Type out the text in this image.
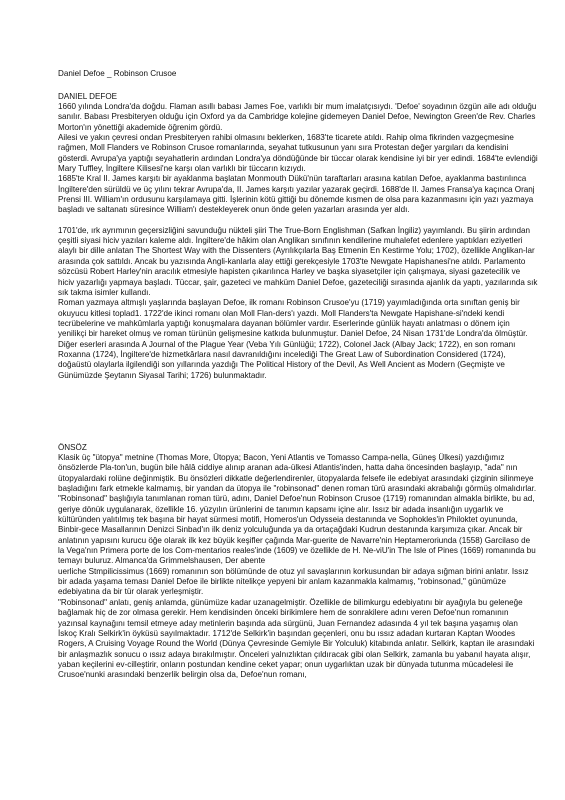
Daniel Defoe _ Robinson Crusoe
DANIEL DEFOE

1660 yılında Londra'da doğdu. Flaman asıllı babası James Foe, varlıklı bir mum imalatçısıydı. 'Defoe' soyadının özgün aile adı olduğu sanılır. Babası Presbiteryen olduğu için Oxford ya da Cambridge kolejine gidemeyen Daniel Defoe, Newington Green'de Rev. Charles Morton'ın yönettiği akademide öğrenim gördü.

Ailesi ve yakın çevresi ondan Presbiteryen rahibi olmasını beklerken, 1683'te ticarete atıldı. Rahip olma fikrinden vazgeçmesine rağmen, Moll Flanders ve Robinson Crusoe romanlarında, seyahat tutkusunun yanı sıra Protestan değer yargıları da kendisini gösterdi. Avrupa'ya yaptığı seyahatlerin ardından Londra'ya döndüğünde bir tüccar olarak kendisine iyi bir yer edindi. 1684'te evlendiği Mary Tuffley, İngiltere Kilisesi'ne karşı olan varlıklı bir tüccarın kızıydı.

1685'te Kral II. James karşıtı bir ayaklanma başlatan Monmouth Dükü'nün taraftarları arasına katılan Defoe, ayaklanma bastırılınca İngiltere'den sürüldü ve üç yılını tekrar Avrupa'da, II. James karşıtı yazılar yazarak geçirdi. 1688'de II. James Fransa'ya kaçınca Oranj Prensi III. William'ın ordusunu karşılamaya gitti. İşlerinin kötü gittiği bu dönemde kısmen de olsa para kazanmasını için yazı yazmaya başladı ve saltanatı süresince William'ı destekleyerek onun önde gelen yazarları arasında yer aldı.

1701'de, ırk ayrımının geçersizliğini savunduğu nükteli şiiri The True-Born Englishman (Safkan İngiliz) yayımlandı. Bu şiirin ardından çeşitli siyasi hiciv yazıları kaleme aldı. İngiltere'de hâkim olan Anglikan sınıfının kendilerine muhalefet edenlere yaptıkları eziyetleri alaylı bir dille anlatan The Shortest Way with the Dissenters (Ayrılıkçılarla Baş Etmenin En Kestirme Yolu; 1702), özellikle Anglikan-lar arasında çok sattıldı. Ancak bu yazısında Angli-kanlarla alay ettiği gerekçesiyle 1703'te Newgate Hapishanesi'ne atıldı. Parlamento sözcüsü Robert Harley'nin aracılık etmesiyle hapisten çıkarılınca Harley ve başka siyasetçiler için çalışmaya, siyasi gazetecilik ve hiciv yazarlığı yapmaya başladı. Tüccar, şair, gazeteci ve mahküm Daniel Defoe, gazeteciliği sırasında ajanlık da yaptı, yazılarında sık sık takma isimler kullandı.

Roman yazmaya altmışlı yaşlarında başlayan Defoe, ilk romanı Robinson Crusoe'yu (1719) yayımladığında orta sınıftan geniş bir okuyucu kitlesi toplad1. 1722'de ikinci romanı olan Moll Flan-ders'ı yazdı. Moll Flanders'ta Newgate Hapishane-si'ndeki kendi tecrübelerine ve mahkûmlarla yaptığı konuşmalara dayanan bölümler vardır. Eserlerinde günlük hayatı anlatması o dönem için yenilikçi bir hareket olmuş ve roman türünün gelişmesine katkıda bulunmuştur. Daniel Defoe, 24 Nisan 1731'de Londra'da ölmüştür.

Diğer eserleri arasında A Journal of the Plague Year (Veba Yılı Günlüğü; 1722), Colonel Jack (Albay Jack; 1722), en son romanı Roxanna (1724), İngiltere'de hizmetkârlara nasıl davranıldığını incelediği The Great Law of Subordination Considered (1724), doğaüstü olaylarla ilgilendiği son yıllarında yazdığı The Political History of the Devil, As Well Ancient as Modern (Geçmişte ve Günümüzde Şeytanın Siyasal Tarihi; 1726) bulunmaktadır.

ÖNSÖZ

Klasik üç "ütopya" metnine (Thomas More, Ütopya; Bacon, Yeni Atlantis ve Tomasso Campa-nella, Güneş Ülkesi) yazdığımız önsözlerde Pla-ton'un, bugün bile hâlâ ciddiye alınıp aranan ada-ülkesi Atlantis'inden, hatta daha öncesinden başlayıp, "ada" nın ütopyalardaki rolüne değinmiştik. Bu önsözleri dikkatle değerlendirenler, ütopyalarda felsefe ile edebiyat arasındaki çizginin silinmeye başladığını fark etmekle kalmamış, bir yandan da ütopya ile "robinsonad" denen roman türü arasındaki akrabalığı görmüş olmalıdırlar.

"Robinsonad" başlığıyla tanımlanan roman türü, adını, Daniel Defoe'nun Robinson Crusoe (1719) romanından almakla birlikte, bu ad, geriye dönük uygulanarak, özellikle 16. yüzyılın ürünlerini de tanımın kapsamı içine alır. Issız bir adada insanlığın uygarlık ve kültüründen yalıtılmış tek başına bir hayat sürmesi motifi, Homeros'un Odysseia destanında ve Sophokles'in Philoktet oyununda, Binbir-gece Masallarının Denizci Sinbad'ın ilk deniz yolculuğunda ya da ortaçağdaki Kudrun destanında karşımıza çıkar. Ancak bir anlatının yapısını kurucu öğe olarak ilk kez büyük keşifler çağında Mar-guerite de Navarre'nin Heptameroriunda (1558) Garcilaso de la Vega'nın Primera porte de los Com-mentarios reales'inde (1609) ve özellikle de H. Ne-viU'in The Isle of Pines (1669) romanında bu temayı buluruz. Almanca'da Grimmelshausen, Der abente

uerliche Stmpilicissimus (1669) romanının son bölümünde de otuz yıl savaşlarının korkusundan bir adaya sığman birini anlatır. Issız bir adada yaşama teması Daniel Defoe ile birlikte nitelikçe yepyeni bir anlam kazanmakla kalmamış, "robinsonad," günümüze edebiyatına da bir tür olarak yerleşmiştir.

"Robinsonad" anlatı, geniş anlamda, günümüze kadar uzanagelmiştir. Özellikle de bilimkurgu edebiyatını bir ayağıyla bu geleneğe bağlamak hiç de zor olmasa gerekir. Hem kendisinden önceki birikimlere hem de sonrakilere adını veren Defoe'nun romanının yazınsal kaynağını temsil etmeye aday metinlerin başında ada sürgünü, Juan Fernandez adasında 4 yıl tek başına yaşamış olan İskoç Kralı Selkirk'in öyküsü sayılmaktadır. 1712'de Selkirk'in başından geçenleri, onu bu ıssız adadan kurtaran Kaptan Woodes Rogers, A Cruising Voyage Round the World (Dünya Çevresinde Gemiyle Bir Yolculuk) kitabında anlatır. Selkirk, kaptan ile arasındaki bir anlaşmazlık sonucu o ıssız adaya bırakılmıştır. Önceleri yalnızlıktan çıldıracak gibi olan Selkirk, zamanla bu yabanıl hayata alışır, yaban keçilerini ev-cilleştirir, onların postundan kendine ceket yapar; onun uygarlıktan uzak bir dünyada tutunma mücadelesi ile Crusoe'nunki arasındaki benzerlik belirgin olsa da, Defoe'nun romanı,
